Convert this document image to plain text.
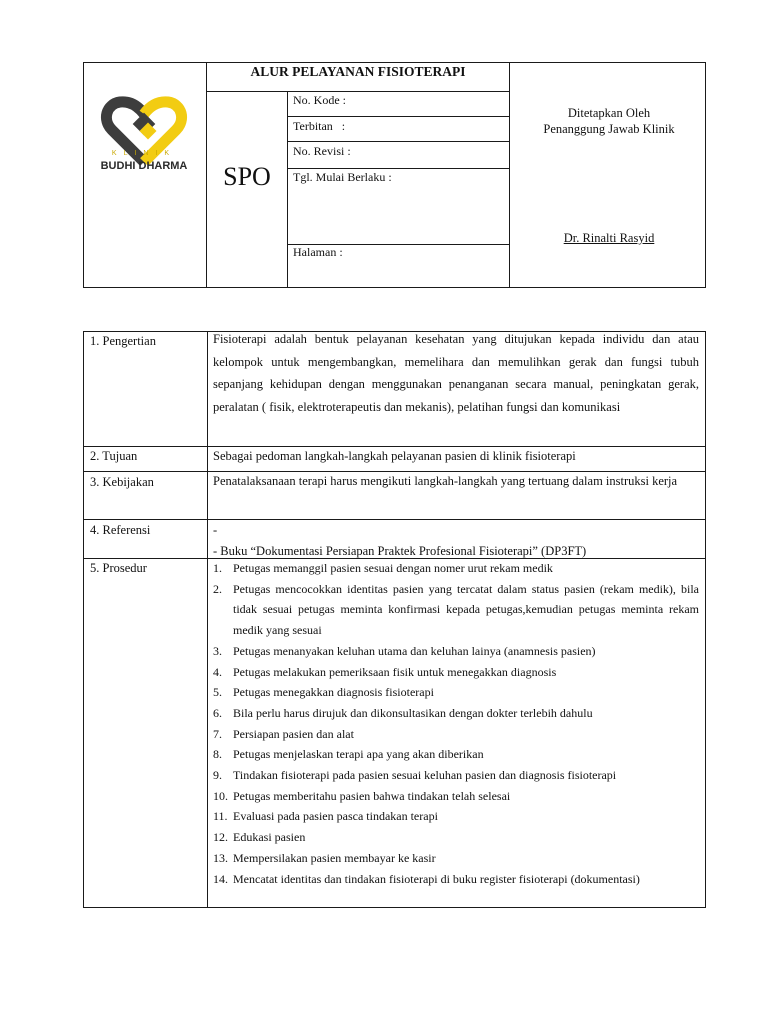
KLINIK
BUDHI DHARMA
ALUR PELAYANAN FISIOTERAPI
SPO
No. Kode :
Terbitan   :
No. Revisi :
Tgl. Mulai Berlaku :
Halaman :
Ditetapkan Oleh
Penanggung Jawab Klinik
Dr. Rinalti Rasyid
1. Pengertian	Fisioterapi adalah bentuk pelayanan kesehatan yang ditujukan kepada individu dan atau kelompok untuk mengembangkan, memelihara dan memulihkan gerak dan fungsi tubuh sepanjang kehidupan dengan menggunakan penanganan secara manual, peningkatan gerak, peralatan ( fisik, elektroterapeutis dan mekanis), pelatihan fungsi dan komunikasi
2. Tujuan	Sebagai pedoman langkah-langkah pelayanan pasien di klinik fisioterapi
3. Kebijakan	Penatalaksanaan terapi harus mengikuti langkah-langkah yang tertuang dalam instruksi kerja
4. Referensi	-
- Buku “Dokumentasi Persiapan Praktek Profesional Fisioterapi” (DP3FT)
5. Prosedur	1. Petugas memanggil pasien sesuai dengan nomer urut rekam medik
2. Petugas mencocokkan identitas pasien yang tercatat dalam status pasien (rekam medik), bila tidak sesuai petugas meminta konfirmasi kepada petugas,kemudian petugas meminta rekam medik yang sesuai
3. Petugas menanyakan keluhan utama dan keluhan lainya (anamnesis pasien)
4. Petugas melakukan pemeriksaan fisik untuk menegakkan diagnosis
5. Petugas menegakkan diagnosis fisioterapi
6. Bila perlu harus dirujuk dan dikonsultasikan dengan dokter terlebih dahulu
7. Persiapan pasien dan alat
8. Petugas menjelaskan terapi apa yang akan diberikan
9. Tindakan fisioterapi pada pasien sesuai keluhan pasien dan diagnosis fisioterapi
10. Petugas memberitahu pasien bahwa tindakan telah selesai
11. Evaluasi pada pasien pasca tindakan terapi
12. Edukasi pasien
13. Mempersilakan pasien membayar ke kasir
14. Mencatat identitas dan tindakan fisioterapi di buku register fisioterapi (dokumentasi)
